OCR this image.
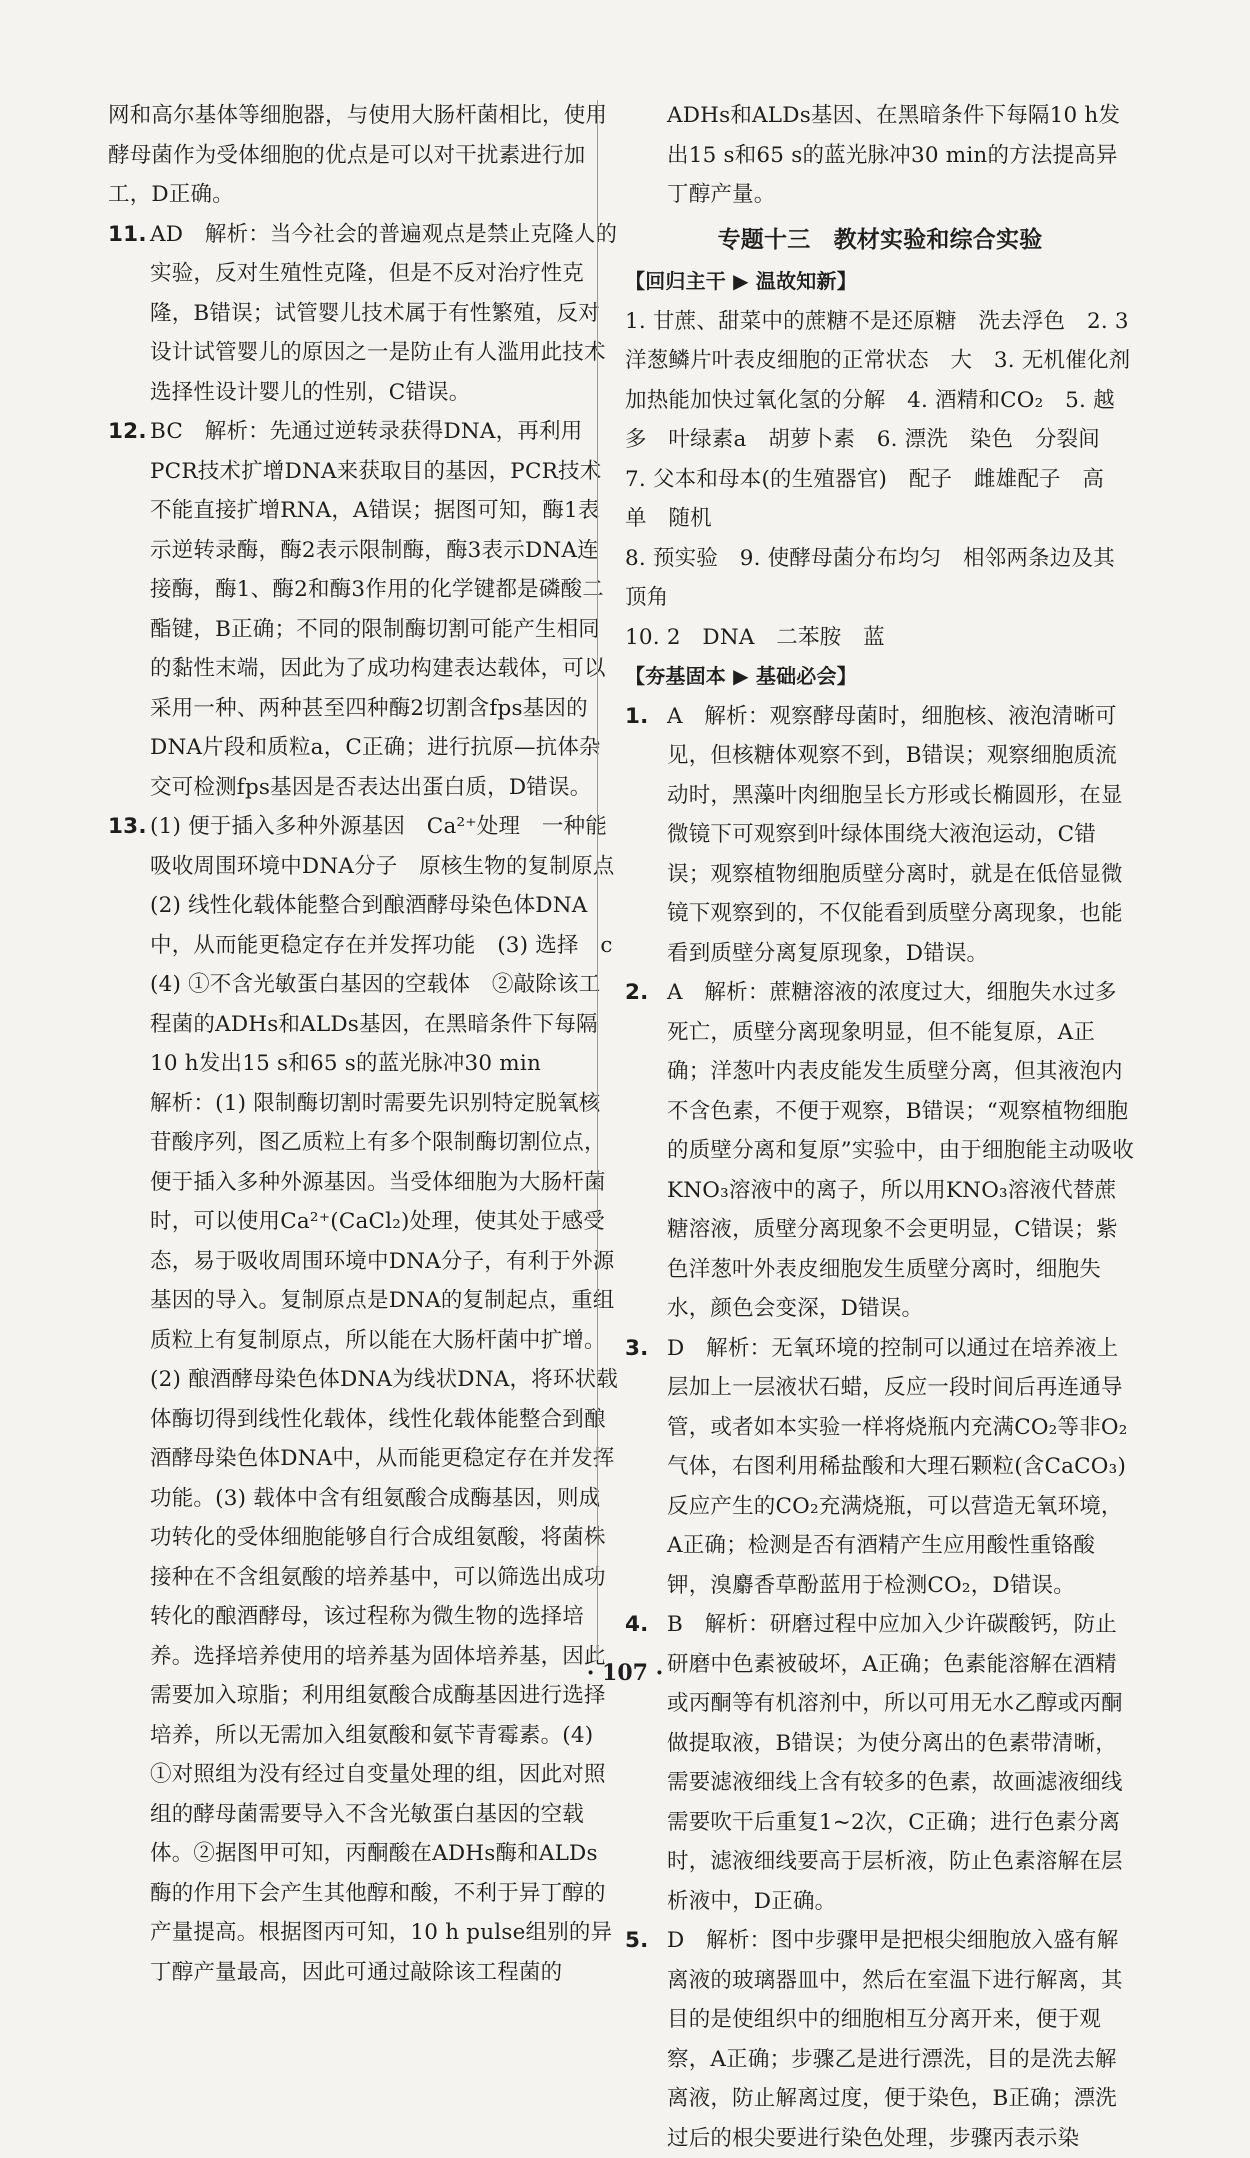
网和高尔基体等细胞器，与使用大肠杆菌相比，使用酵母菌作为受体细胞的优点是可以对干扰素进行加工，D正确。

11. AD　解析：当今社会的普遍观点是禁止克隆人的实验，反对生殖性克隆，但是不反对治疗性克隆，B错误；试管婴儿技术属于有性繁殖，反对设计试管婴儿的原因之一是防止有人滥用此技术选择性设计婴儿的性别，C错误。
12. BC　解析：先通过逆转录获得DNA，再利用PCR技术扩增DNA来获取目的基因，PCR技术不能直接扩增RNA，A错误；据图可知，酶1表示逆转录酶，酶2表示限制酶，酶3表示DNA连接酶，酶1、酶2和酶3作用的化学键都是磷酸二酯键，B正确；不同的限制酶切割可能产生相同的黏性末端，因此为了成功构建表达载体，可以采用一种、两种甚至四种酶2切割含fps基因的DNA片段和质粒a，C正确；进行抗原—抗体杂交可检测fps基因是否表达出蛋白质，D错误。
13. (1) 便于插入多种外源基因　Ca²⁺处理　一种能吸收周围环境中DNA分子　原核生物的复制原点

(2) 线性化载体能整合到酿酒酵母染色体DNA中，从而能更稳定存在并发挥功能　(3) 选择　c　(4) ①不含光敏蛋白基因的空载体　②敲除该工程菌的ADHs和ALDs基因，在黑暗条件下每隔10 h发出15 s和65 s的蓝光脉冲30 min

解析：(1) 限制酶切割时需要先识别特定脱氧核苷酸序列，图乙质粒上有多个限制酶切割位点，便于插入多种外源基因。当受体细胞为大肠杆菌时，可以使用Ca²⁺(CaCl₂)处理，使其处于感受态，易于吸收周围环境中DNA分子，有利于外源基因的导入。复制原点是DNA的复制起点，重组质粒上有复制原点，所以能在大肠杆菌中扩增。(2) 酿酒酵母染色体DNA为线状DNA，将环状载体酶切得到线性化载体，线性化载体能整合到酿酒酵母染色体DNA中，从而能更稳定存在并发挥功能。(3) 载体中含有组氨酸合成酶基因，则成功转化的受体细胞能够自行合成组氨酸，将菌株接种在不含组氨酸的培养基中，可以筛选出成功转化的酿酒酵母，该过程称为微生物的选择培养。选择培养使用的培养基为固体培养基，因此需要加入琼脂；利用组氨酸合成酶基因进行选择培养，所以无需加入组氨酸和氨苄青霉素。(4) ①对照组为没有经过自变量处理的组，因此对照组的酵母菌需要导入不含光敏蛋白基因的空载体。②据图甲可知，丙酮酸在ADHs酶和ALDs酶的作用下会产生其他醇和酸，不利于异丁醇的产量提高。根据图丙可知，10 h pulse组别的异丁醇产量最高，因此可通过敲除该工程菌的

ADHs和ALDs基因、在黑暗条件下每隔10 h发出15 s和65 s的蓝光脉冲30 min的方法提高异丁醇产量。

专题十三　教材实验和综合实验
【回归主干 ▶ 温故知新】

1. 甘蔗、甜菜中的蔗糖不是还原糖　洗去浮色　2. 3　洋葱鳞片叶表皮细胞的正常状态　大　3. 无机催化剂　加热能加快过氧化氢的分解　4. 酒精和CO₂　5. 越多　叶绿素a　胡萝卜素　6. 漂洗　染色　分裂间　7. 父本和母本(的生殖器官)　配子　雌雄配子　高　单　随机

8. 预实验　9. 使酵母菌分布均匀　相邻两条边及其顶角

10. 2　DNA　二苯胺　蓝

【夯基固本 ▶ 基础必会】
1. A　解析：观察酵母菌时，细胞核、液泡清晰可见，但核糖体观察不到，B错误；观察细胞质流动时，黑藻叶肉细胞呈长方形或长椭圆形，在显微镜下可观察到叶绿体围绕大液泡运动，C错误；观察植物细胞质壁分离时，就是在低倍显微镜下观察到的，不仅能看到质壁分离现象，也能看到质壁分离复原现象，D错误。
2. A　解析：蔗糖溶液的浓度过大，细胞失水过多死亡，质壁分离现象明显，但不能复原，A正确；洋葱叶内表皮能发生质壁分离，但其液泡内不含色素，不便于观察，B错误；“观察植物细胞的质壁分离和复原”实验中，由于细胞能主动吸收KNO₃溶液中的离子，所以用KNO₃溶液代替蔗糖溶液，质壁分离现象不会更明显，C错误；紫色洋葱叶外表皮细胞发生质壁分离时，细胞失水，颜色会变深，D错误。
3. D　解析：无氧环境的控制可以通过在培养液上层加上一层液状石蜡，反应一段时间后再连通导管，或者如本实验一样将烧瓶内充满CO₂等非O₂气体，右图利用稀盐酸和大理石颗粒(含CaCO₃)反应产生的CO₂充满烧瓶，可以营造无氧环境，A正确；检测是否有酒精产生应用酸性重铬酸钾，溴麝香草酚蓝用于检测CO₂，D错误。
4. B　解析：研磨过程中应加入少许碳酸钙，防止研磨中色素被破坏，A正确；色素能溶解在酒精或丙酮等有机溶剂中，所以可用无水乙醇或丙酮做提取液，B错误；为使分离出的色素带清晰，需要滤液细线上含有较多的色素，故画滤液细线需要吹干后重复1~2次，C正确；进行色素分离时，滤液细线要高于层析液，防止色素溶解在层析液中，D正确。
5. D　解析：图中步骤甲是把根尖细胞放入盛有解离液的玻璃器皿中，然后在室温下进行解离，其目的是使组织中的细胞相互分离开来，便于观察，A正确；步骤乙是进行漂洗，目的是洗去解离液，防止解离过度，便于染色，B正确；漂洗过后的根尖要进行染色处理，步骤丙表示染
· 107 ·
